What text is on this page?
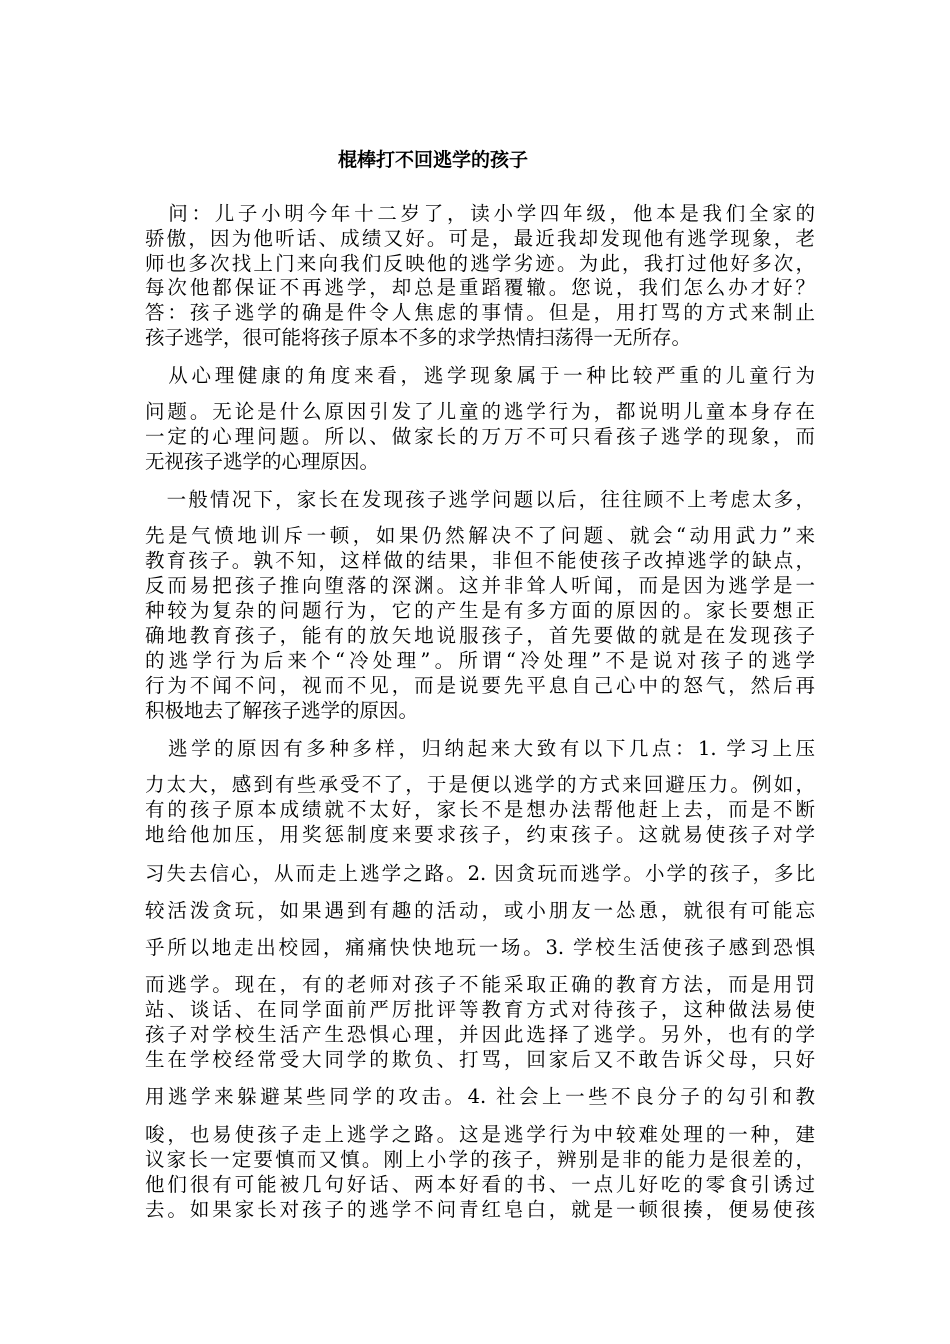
棍棒打不回逃学的孩子
　问：儿子小明今年十二岁了，读小学四年级，他本是我们全家的
骄傲，因为他听话、成绩又好。可是，最近我却发现他有逃学现象，老
师也多次找上门来向我们反映他的逃学劣迹。为此，我打过他好多次，
每次他都保证不再逃学，却总是重蹈覆辙。您说，我们怎么办才好？
答：孩子逃学的确是件令人焦虑的事情。但是，用打骂的方式来制止
孩子逃学，很可能将孩子原本不多的求学热情扫荡得一无所存。
　从心理健康的角度来看，逃学现象属于一种比较严重的儿童行为
问题。无论是什么原因引发了儿童的逃学行为，都说明儿童本身存在
一定的心理问题。所以、做家长的万万不可只看孩子逃学的现象，而
无视孩子逃学的心理原因。
　一般情况下，家长在发现孩子逃学问题以后，往往顾不上考虑太多，
先是气愤地训斥一顿，如果仍然解决不了问题、就会“动用武力”来
教育孩子。孰不知，这样做的结果，非但不能使孩子改掉逃学的缺点，
反而易把孩子推向堕落的深渊。这并非耸人听闻，而是因为逃学是一
种较为复杂的问题行为，它的产生是有多方面的原因的。家长要想正
确地教育孩子，能有的放矢地说服孩子，首先要做的就是在发现孩子
的逃学行为后来个“冷处理”。所谓“冷处理”不是说对孩子的逃学
行为不闻不问，视而不见，而是说要先平息自己心中的怒气，然后再
积极地去了解孩子逃学的原因。
　逃学的原因有多种多样，归纳起来大致有以下几点：1. 学习上压
力太大，感到有些承受不了，于是便以逃学的方式来回避压力。例如，
有的孩子原本成绩就不太好，家长不是想办法帮他赶上去，而是不断
地给他加压，用奖惩制度来要求孩子，约束孩子。这就易使孩子对学
习失去信心，从而走上逃学之路。2. 因贪玩而逃学。小学的孩子，多比
较活泼贪玩，如果遇到有趣的活动，或小朋友一怂恿，就很有可能忘
乎所以地走出校园，痛痛快快地玩一场。3. 学校生活使孩子感到恐惧
而逃学。现在，有的老师对孩子不能采取正确的教育方法，而是用罚
站、谈话、在同学面前严厉批评等教育方式对待孩子，这种做法易使
孩子对学校生活产生恐惧心理，并因此选择了逃学。另外，也有的学
生在学校经常受大同学的欺负、打骂，回家后又不敢告诉父母，只好
用逃学来躲避某些同学的攻击。4. 社会上一些不良分子的勾引和教
唆，也易使孩子走上逃学之路。这是逃学行为中较难处理的一种，建
议家长一定要慎而又慎。刚上小学的孩子，辨别是非的能力是很差的，
他们很有可能被几句好话、两本好看的书、一点儿好吃的零食引诱过
去。如果家长对孩子的逃学不问青红皂白，就是一顿很揍，便易使孩
